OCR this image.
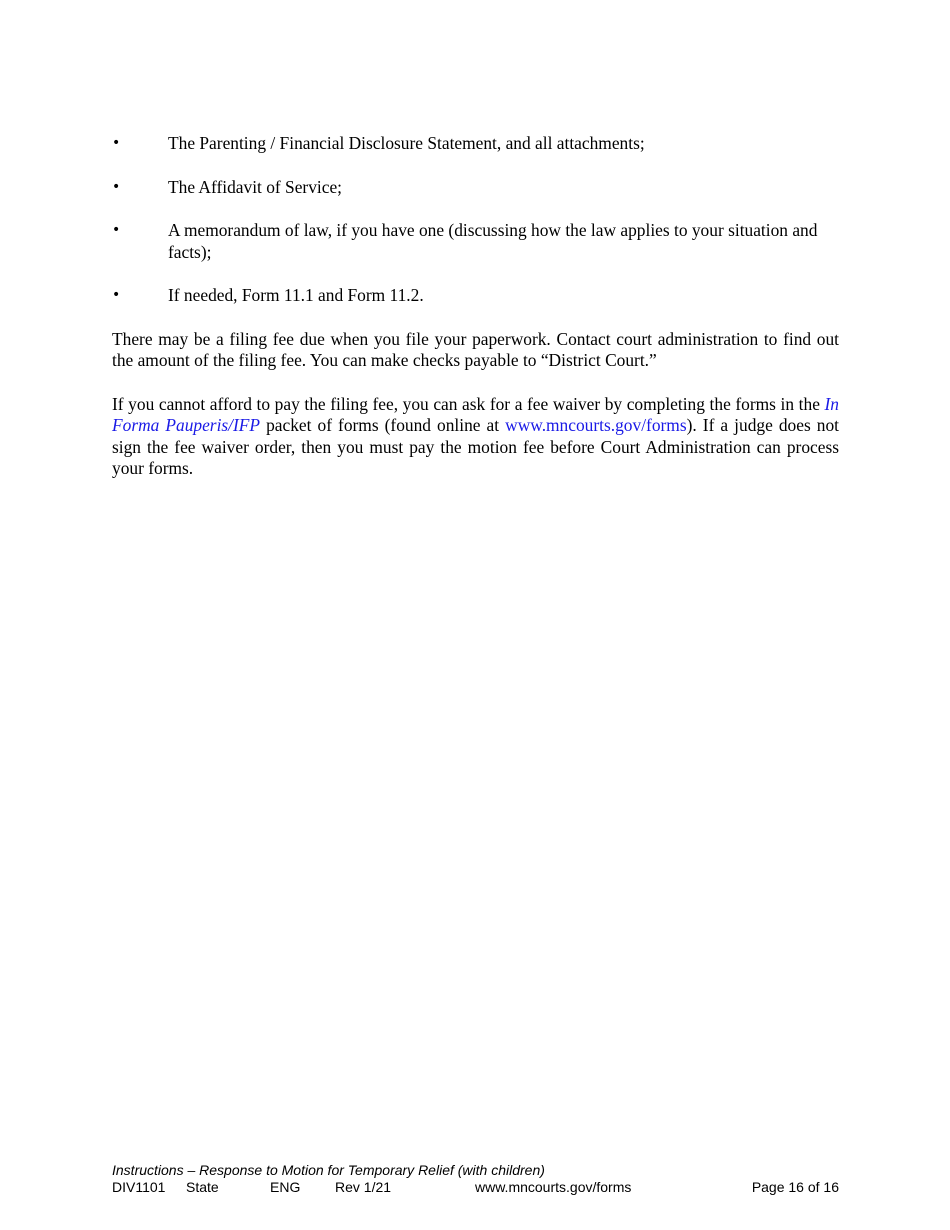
•	The Parenting / Financial Disclosure Statement, and all attachments;
•	The Affidavit of Service;
•	A memorandum of law, if you have one (discussing how the law applies to your situation and facts);
•	If needed, Form 11.1 and Form 11.2.

There may be a filing fee due when you file your paperwork. Contact court administration to find out the amount of the filing fee. You can make checks payable to “District Court.”

If you cannot afford to pay the filing fee, you can ask for a fee waiver by completing the forms in the In Forma Pauperis/IFP packet of forms (found online at www.mncourts.gov/forms). If a judge does not sign the fee waiver order, then you must pay the motion fee before Court Administration can process your forms.

Instructions – Response to Motion for Temporary Relief (with children)
DIV1101 State	ENG Rev 1/21	www.mncourts.gov/forms	Page 16 of 16
